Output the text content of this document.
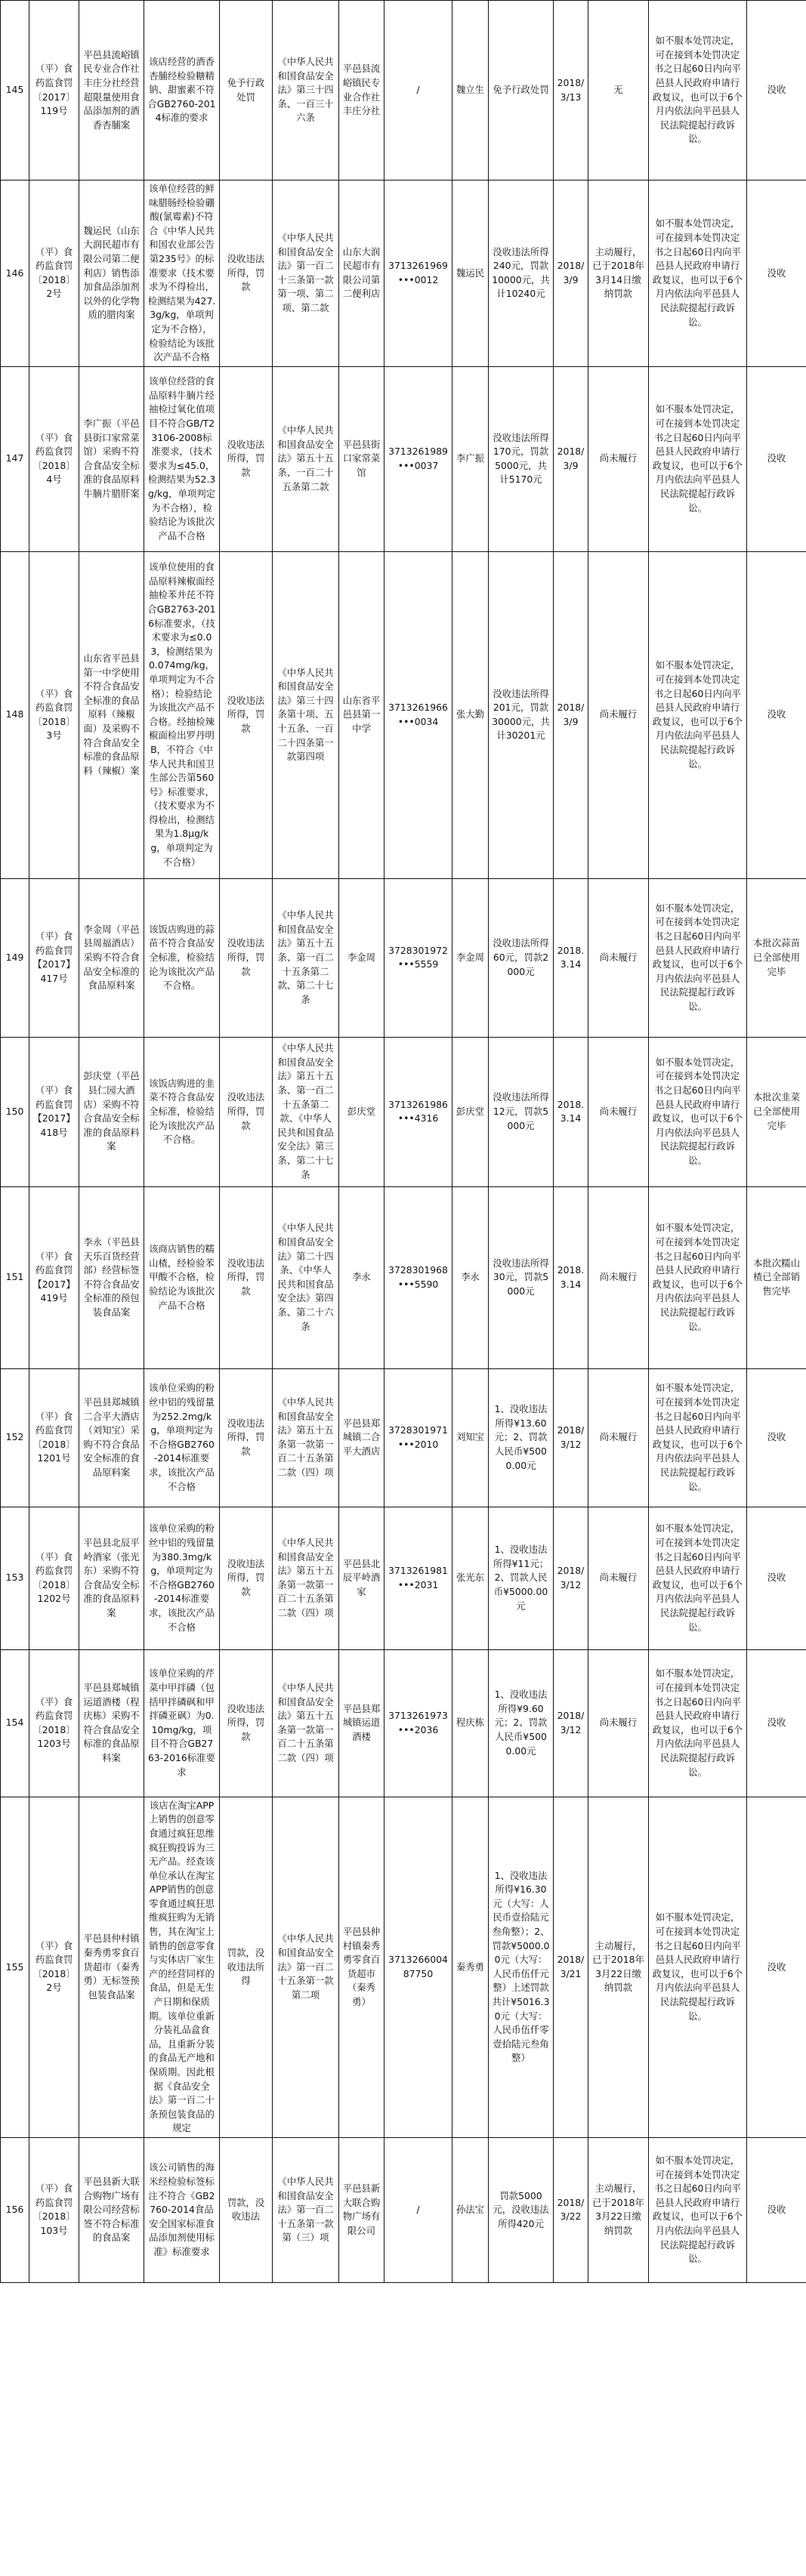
145	（平）食药监食罚〔2017〕119号	平邑县流峪镇民专业合作社丰庄分社经营超限量使用食品添加剂的酒香杏脯案	该店经营的酒香杏脯经检验糖精钠、甜蜜素不符合GB2760-2014标准的要求	免予行政处罚	《中华人民共和国食品安全法》第三十四条、一百三十六条	平邑县流峪镇民专业合作社丰庄分社	/	魏立生	免予行政处罚	2018/3/13	无	如不服本处罚决定，可在接到本处罚决定书之日起60日内向平邑县人民政府申请行政复议，也可以于6个月内依法向平邑县人民法院提起行政诉讼。	没收
146	（平）食药监食罚〔2018〕2号	魏运民（山东大润民超市有限公司第二便利店）销售添加食品添加剂以外的化学物质的腊肉案	该单位经营的鲜味腊肠经检验硼酸(氯霉素)不符合《中华人民共和国农业部公告第235号》的标准要求（技术要求为不得检出，检测结果为427.3g/kg，单项判定为不合格），检验结论为该批次产品不合格	没收违法所得，罚款	《中华人民共和国食品安全法》第一百二十三条第一款第一项、第二项、第二款	山东大润民超市有限公司第二便利店	3713261969•••0012	魏运民	没收违法所得240元，罚款10000元，共计10240元	2018/3/9	主动履行，已于2018年3月14日缴纳罚款	如不服本处罚决定，可在接到本处罚决定书之日起60日内向平邑县人民政府申请行政复议，也可以于6个月内依法向平邑县人民法院提起行政诉讼。	没收
147	（平）食药监食罚〔2018〕4号	李广振（平邑县街口家常菜馆）采购不符合食品安全标准的食品原料牛腩片腊肝案	该单位经营的食品原料牛腩片经抽检过氧化值项目不符合GB/T23106-2008标准要求，（技术要求为≤45.0，检测结果为52.3g/kg，单项判定为不合格），检验结论为该批次产品不合格	没收违法所得，罚款	《中华人民共和国食品安全法》第五十五条、一百二十五条第二款	平邑县街口家常菜馆	3713261989•••0037	李广振	没收违法所得170元，罚款5000元，共计5170元	2018/3/9	尚未履行	如不服本处罚决定，可在接到本处罚决定书之日起60日内向平邑县人民政府申请行政复议，也可以于6个月内依法向平邑县人民法院提起行政诉讼。	没收
148	（平）食药监食罚〔2018〕3号	山东省平邑县第一中学使用不符合食品安全标准的食品原料（辣椒面）及采购不符合食品安全标准的食品原料（辣椒）案	该单位使用的食品原料辣椒面经抽检苯并芘不符合GB2763-2016标准要求，（技术要求为≤0.03，检测结果为0.074mg/kg，单项判定为不合格）；检验结论为该批次产品不合格。经抽检辣椒面检出罗丹明B，不符合《中华人民共和国卫生部公告第560号》标准要求，（技术要求为不得检出，检测结果为1.8μg/kg，单项判定为不合格）	没收违法所得，罚款	《中华人民共和国食品安全法》第三十四条第十项、五十五条、一百二十四条第一款第四项	山东省平邑县第一中学	3713261966•••0034	张大勤	没收违法所得201元，罚款30000元，共计30201元	2018/3/9	尚未履行	如不服本处罚决定，可在接到本处罚决定书之日起60日内向平邑县人民政府申请行政复议，也可以于6个月内依法向平邑县人民法院提起行政诉讼。	没收
149	（平）食药监食罚【2017】417号	李金周（平邑县周福酒店）采购不符合食品安全标准的食品原料案	该饭店购进的蒜苗不符合食品安全标准，检验结论为该批次产品不合格。	没收违法所得，罚款	《中华人民共和国食品安全法》第五十五条、第一百二十五条第二款、第二十七条	李金周	3728301972•••5559	李金周	没收违法所得60元，罚款2000元	2018.3.14	尚未履行	如不服本处罚决定，可在接到本处罚决定书之日起60日内向平邑县人民政府申请行政复议，也可以于6个月内依法向平邑县人民法院提起行政诉讼。	本批次蒜苗已全部使用完毕
150	（平）食药监食罚【2017】418号	彭庆堂（平邑县仁园大酒店）采购不符合食品安全标准的食品原料案	该饭店购进的韭菜不符合食品安全标准，检验结论为该批次产品不合格。	没收违法所得，罚款	《中华人民共和国食品安全法》第五十五条、第一百二十五条第二款、《中华人民共和国食品安全法》第三条、第二十七条	彭庆堂	3713261986•••4316	彭庆堂	没收违法所得12元，罚款5000元	2018.3.14	尚未履行	如不服本处罚决定，可在接到本处罚决定书之日起60日内向平邑县人民政府申请行政复议，也可以于6个月内依法向平邑县人民法院提起行政诉讼。	本批次韭菜已全部使用完毕
151	（平）食药监食罚【2017】419号	李永（平邑县天乐百货经营部）经营标签不符合食品安全标准的预包装食品案	该商店销售的糯山楂，经检验苯甲酸不合格，检验结论为该批次产品不合格	没收违法所得，罚款	《中华人民共和国食品安全法》第二十四条、《中华人民共和国食品安全法》第四条、第二十六条	李永	3728301968•••5590	李永	没收违法所得30元，罚款5000元	2018.3.14	尚未履行	如不服本处罚决定，可在接到本处罚决定书之日起60日内向平邑县人民政府申请行政复议，也可以于6个月内依法向平邑县人民法院提起行政诉讼。	本批次糯山楂已全部销售完毕
152	（平）食药监食罚〔2018〕1201号	平邑县郑城镇二合平大酒店（刘知宝）采购不符合食品安全标准的食品原料案	该单位采购的粉丝中铝的残留量为252.2mg/kg，单项判定为不合格GB2760-2014标准要求，该批次产品不合格	没收违法所得，罚款	《中华人民共和国食品安全法》第五十五条第一款第一百二十五条第二款（四）项	平邑县郑城镇二合平大酒店	3728301971•••2010	刘知宝	1、没收违法所得¥13.60元；2、罚款人民币¥5000.00元	2018/3/12	尚未履行	如不服本处罚决定，可在接到本处罚决定书之日起60日内向平邑县人民政府申请行政复议，也可以于6个月内依法向平邑县人民法院提起行政诉讼。	没收
153	（平）食药监食罚〔2018〕1202号	平邑县北辰平岭酒家（张光东）采购不符合食品安全标准的食品原料案	该单位采购的粉丝中铝的残留量为380.3mg/kg，单项判定为不合格GB2760-2014标准要求，该批次产品不合格	没收违法所得，罚款	《中华人民共和国食品安全法》第五十五条第一款第一百二十五条第二款（四）项	平邑县北辰平岭酒家	3713261981•••2031	张光东	1、没收违法所得¥11元；2、罚款人民币¥5000.00元	2018/3/12	尚未履行	如不服本处罚决定，可在接到本处罚决定书之日起60日内向平邑县人民政府申请行政复议，也可以于6个月内依法向平邑县人民法院提起行政诉讼。	没收
154	（平）食药监食罚〔2018〕1203号	平邑县郑城镇运道酒楼（程庆栋）采购不符合食品安全标准的食品原料案	该单位采购的芹菜中甲拌磷（包括甲拌磷砜和甲拌磷亚砜）为0.10mg/kg，项目不符合GB2763-2016标准要求	没收违法所得，罚款	《中华人民共和国食品安全法》第五十五条第一款第一百二十五条第二款（四）项	平邑县郑城镇运道酒楼	3713261973•••2036	程庆栋	1、没收违法所得¥9.60元；2、罚款人民币¥5000.00元	2018/3/12	尚未履行	如不服本处罚决定，可在接到本处罚决定书之日起60日内向平邑县人民政府申请行政复议，也可以于6个月内依法向平邑县人民法院提起行政诉讼。	没收
155	（平）食药监食罚〔2018〕2号	平邑县仲村镇秦秀勇零食百货超市（秦秀勇）无标签预包装食品案	该店在淘宝APP上销售的创意零食通过疯狂思维疯狂购投诉为三无产品。经查该单位承认在淘宝APP销售的创意零食通过疯狂思维疯狂购为无销售，其在淘宝上销售的创意零食与实体店厂家生产的经营同样的食品，但是无生产日期和保质期。该单位重新分装礼品盒食品，且重新分装的食品无产地和保质期。因此根据《食品安全法》第一百二十条预包装食品的规定	罚款，没收违法所得	《中华人民共和国食品安全法》第一百二十五条第一款第二项	平邑县仲村镇秦秀勇零食百货超市（秦秀勇）	371326600487750	秦秀勇	1、没收违法所得¥16.30元（大写：人民币壹拾陆元叁角整）；2、罚款¥5000.00元（大写：人民币伍仟元整）上述罚款共计¥5016.30元（大写：人民币伍仟零壹拾陆元叁角整）	2018/3/21	主动履行，已于2018年3月22日缴纳罚款	如不服本处罚决定，可在接到本处罚决定书之日起60日内向平邑县人民政府申请行政复议，也可以于6个月内依法向平邑县人民法院提起行政诉讼。	没收
156	（平）食药监食罚〔2018〕103号	平邑县新大联合购物广场有限公司经营标签不符合标准的食品案	该公司销售的海米经检验标签标注不符合《GB2760-2014食品安全国家标准食品添加剂使用标准》标准要求	罚款，没收违法	《中华人民共和国食品安全法》第一百二十五条第一款第（三）项	平邑县新大联合购物广场有限公司	/	孙法宝	罚款5000元，没收违法所得420元	2018/3/22	主动履行，已于2018年3月22日缴纳罚款	如不服本处罚决定，可在接到本处罚决定书之日起60日内向平邑县人民政府申请行政复议，也可以于6个月内依法向平邑县人民法院提起行政诉讼。	没收
